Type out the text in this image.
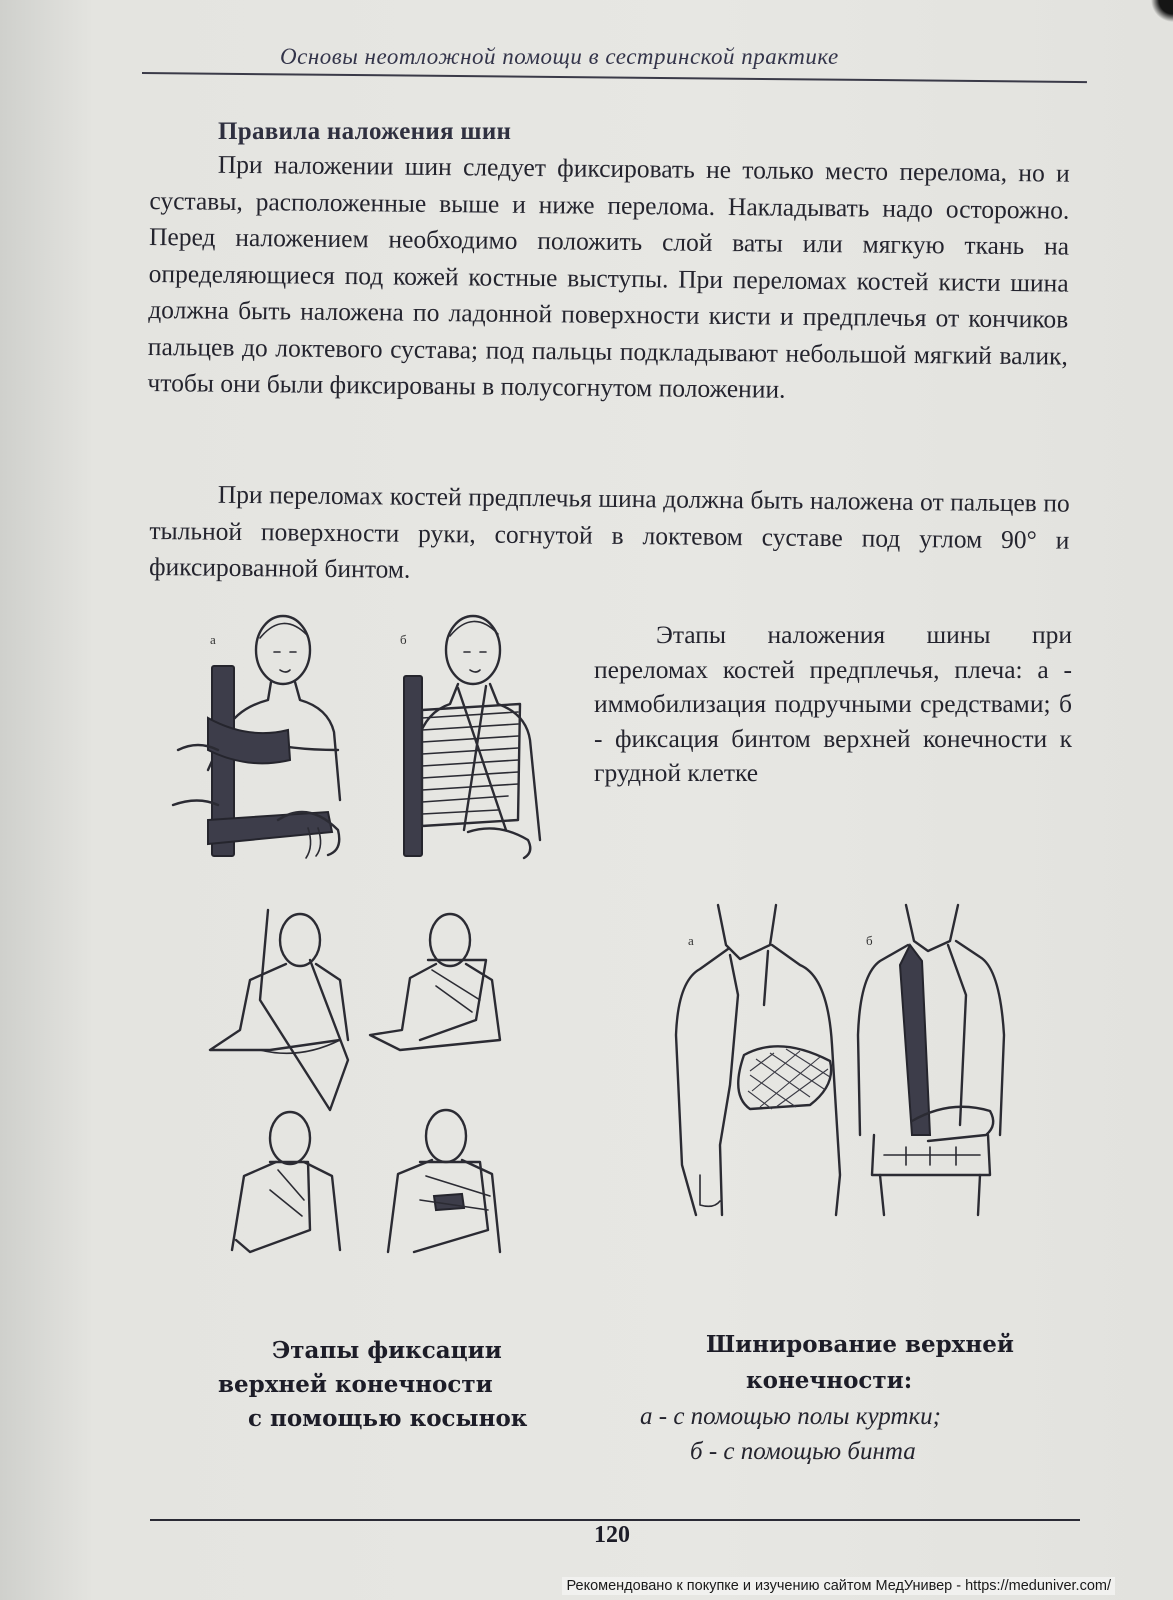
Основы неотложной помощи в сестринской практике
Правила наложения шин
При наложении шин следует фиксировать не только место перелома, но и суставы, расположенные выше и ниже перелома. Накладывать надо осторожно. Перед наложением необходимо положить слой ваты или мягкую ткань на определяющиеся под кожей костные выступы. При переломах костей кисти шина должна быть наложена по ладонной поверхности кисти и предплечья от кончиков пальцев до локтевого сустава; под пальцы подкладывают небольшой мягкий валик, чтобы они были фиксированы в полусогнутом положении.
При переломах костей предплечья шина должна быть наложена от пальцев по тыльной поверхности руки, согнутой в локтевом суставе под углом 90° и фиксированной бинтом.
а	б	Этапы наложения шины при переломах костей предплечья, плеча: а - иммобилизация подручными средствами; б - фиксация бинтом верхней конечности к грудной клетке
а	б
Этапы фиксации
верхней конечности
с помощью косынок
Шинирование верхней
конечности:
а - с помощью полы куртки;
б - с помощью бинта
120
Рекомендовано к покупке и изучению сайтом МедУнивер - https://meduniver.com/
